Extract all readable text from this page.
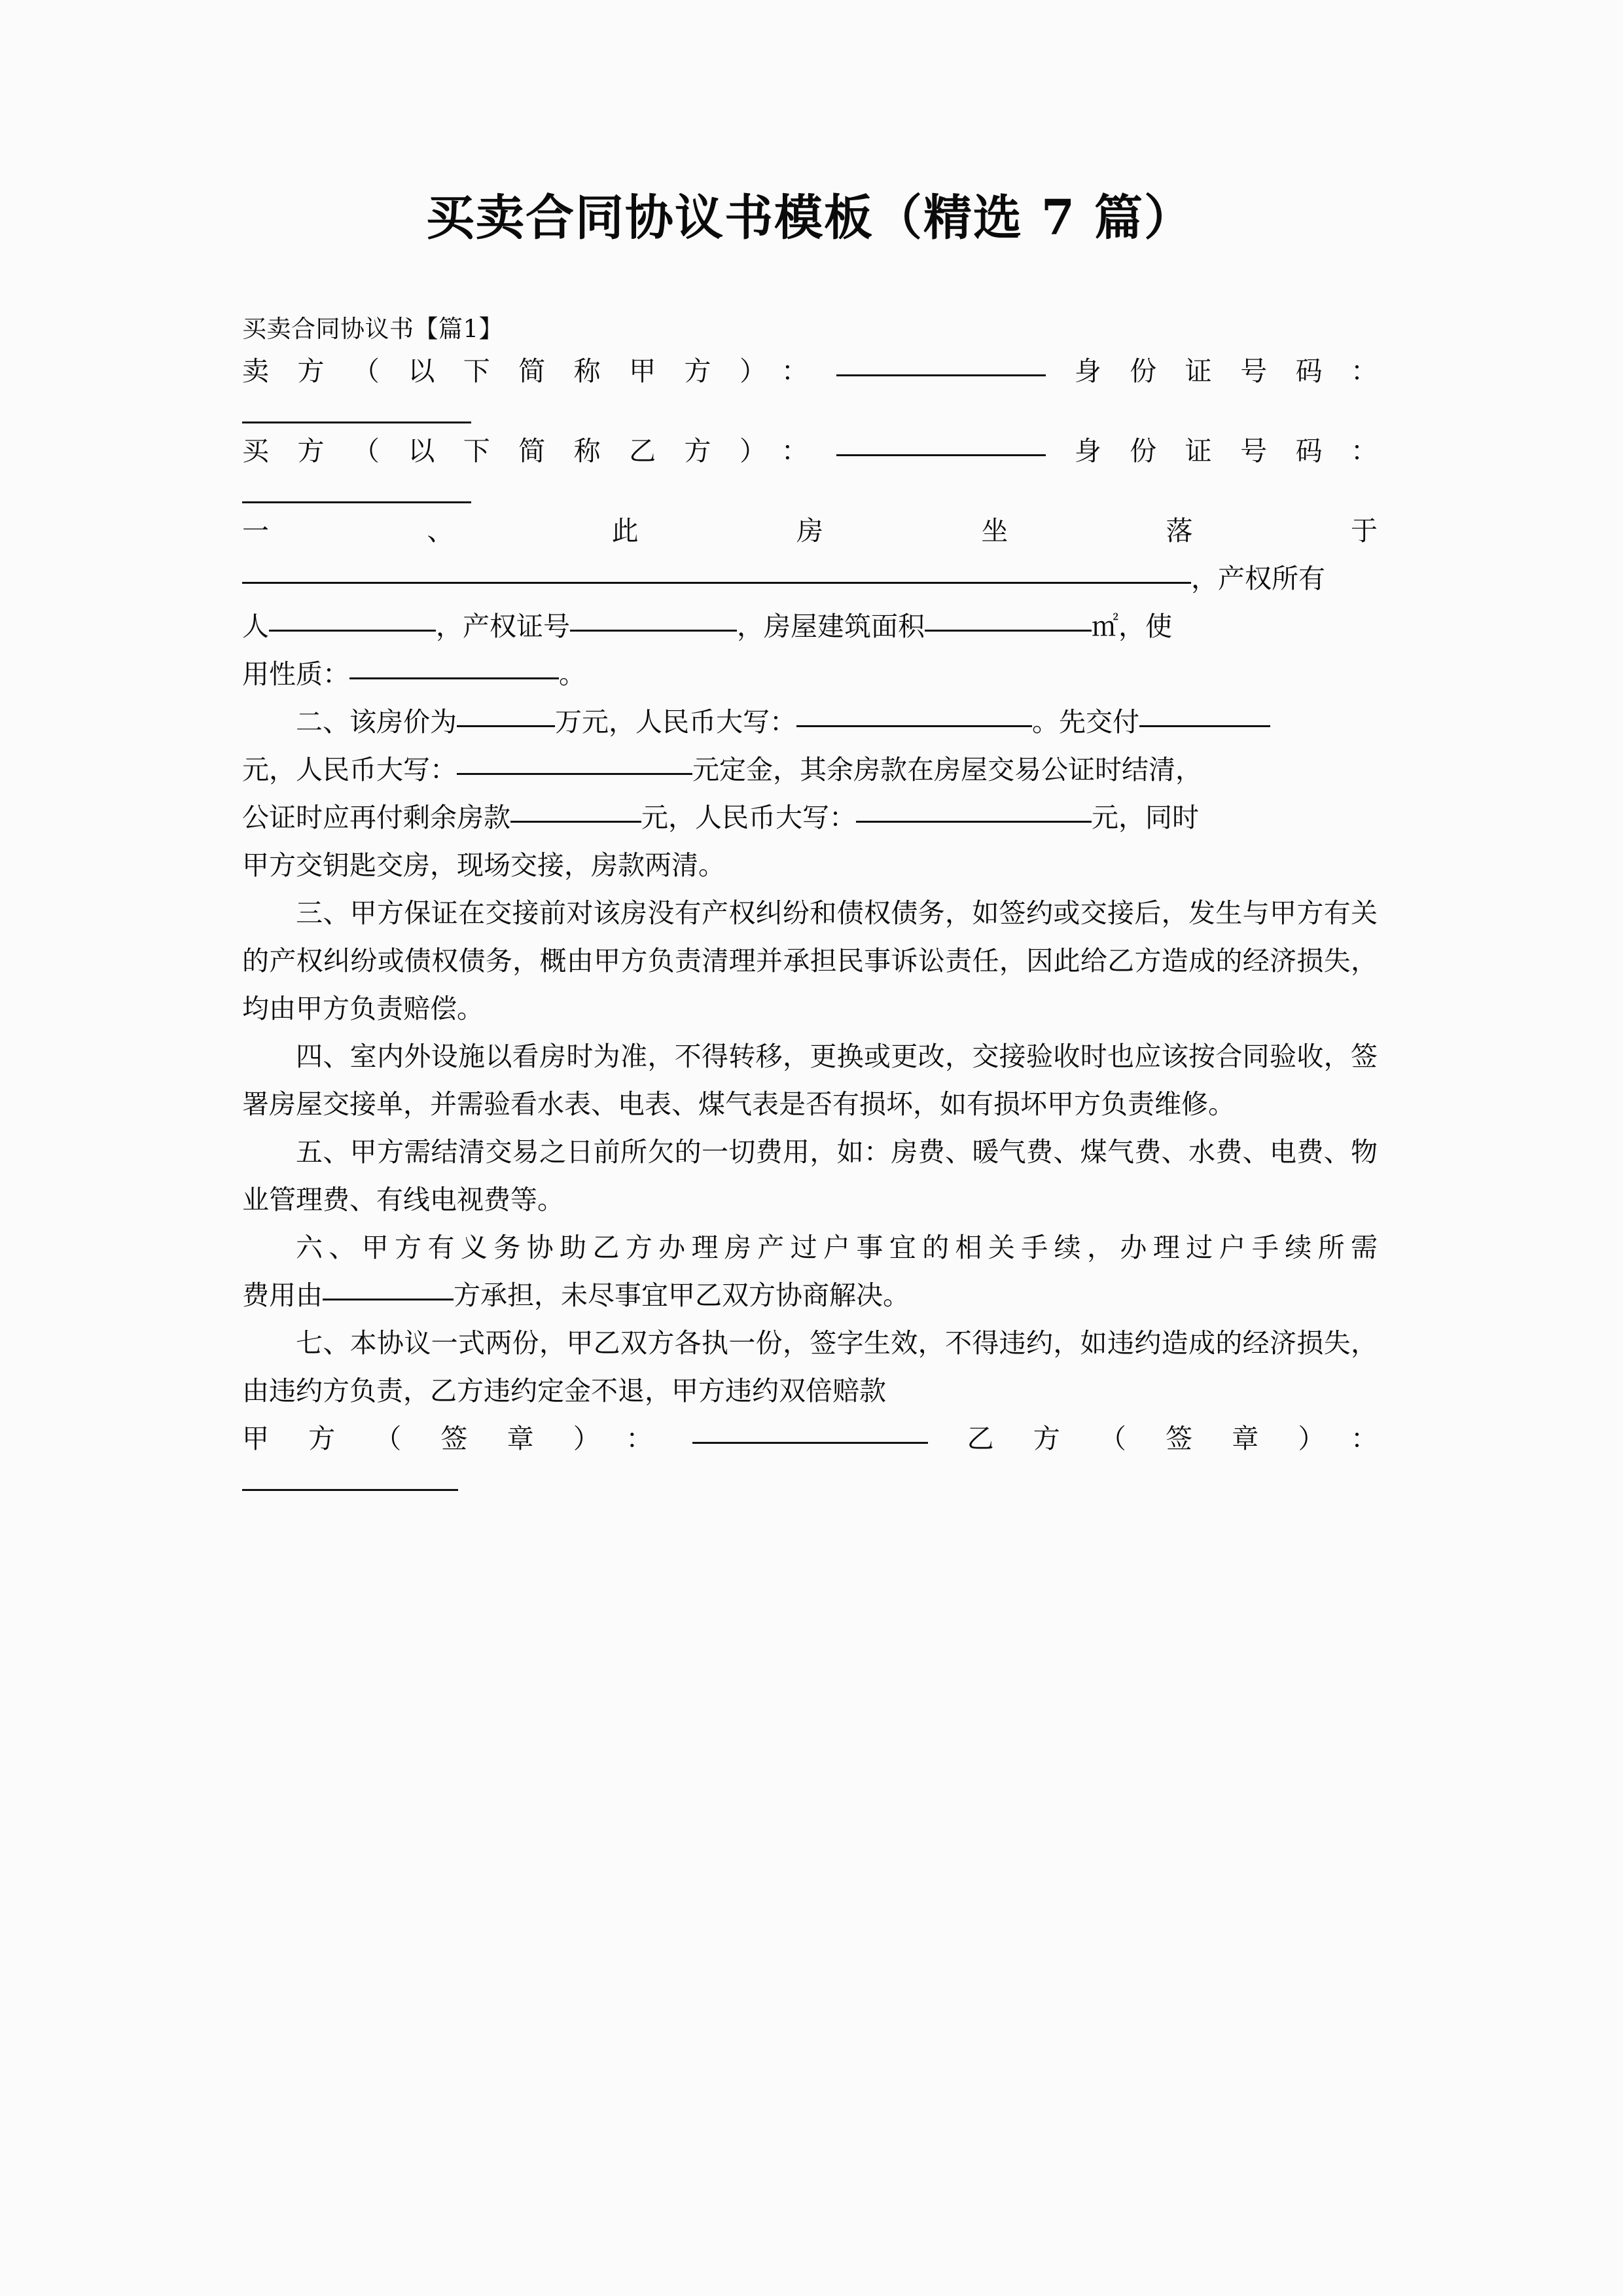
买卖合同协议书模板（精选 7 篇）

买卖合同协议书【篇1】

卖方（以下简称甲方）：	身份证号码：

买方（以下简称乙方）：	身份证号码：

一、此房坐落于

，产权所有

人	，产权证号	，房屋建筑面积	㎡，使

用性质：	。

二、该房价为	万元，人民币大写：	。先交付

元，人民币大写：	元定金，其余房款在房屋交易公证时结清，

公证时应再付剩余房款	元，人民币大写：	元，同时

甲方交钥匙交房，现场交接，房款两清。

三、甲方保证在交接前对该房没有产权纠纷和债权债务，如签约或交接后，发生与甲方有关的产权纠纷或债权债务，概由甲方负责清理并承担民事诉讼责任，因此给乙方造成的经济损失，均由甲方负责赔偿。

四、室内外设施以看房时为准，不得转移，更换或更改，交接验收时也应该按合同验收，签署房屋交接单，并需验看水表、电表、煤气表是否有损坏，如有损坏甲方负责维修。

五、甲方需结清交易之日前所欠的一切费用，如：房费、暖气费、煤气费、水费、电费、物业管理费、有线电视费等。

六、甲方有义务协助乙方办理房产过户事宜的相关手续，办理过户手续所需

费用由	方承担，未尽事宜甲乙双方协商解决。

七、本协议一式两份，甲乙双方各执一份，签字生效，不得违约，如违约造成的经济损失，由违约方负责，乙方违约定金不退，甲方违约双倍赔款

甲方（签章）：	乙方（签章）：
